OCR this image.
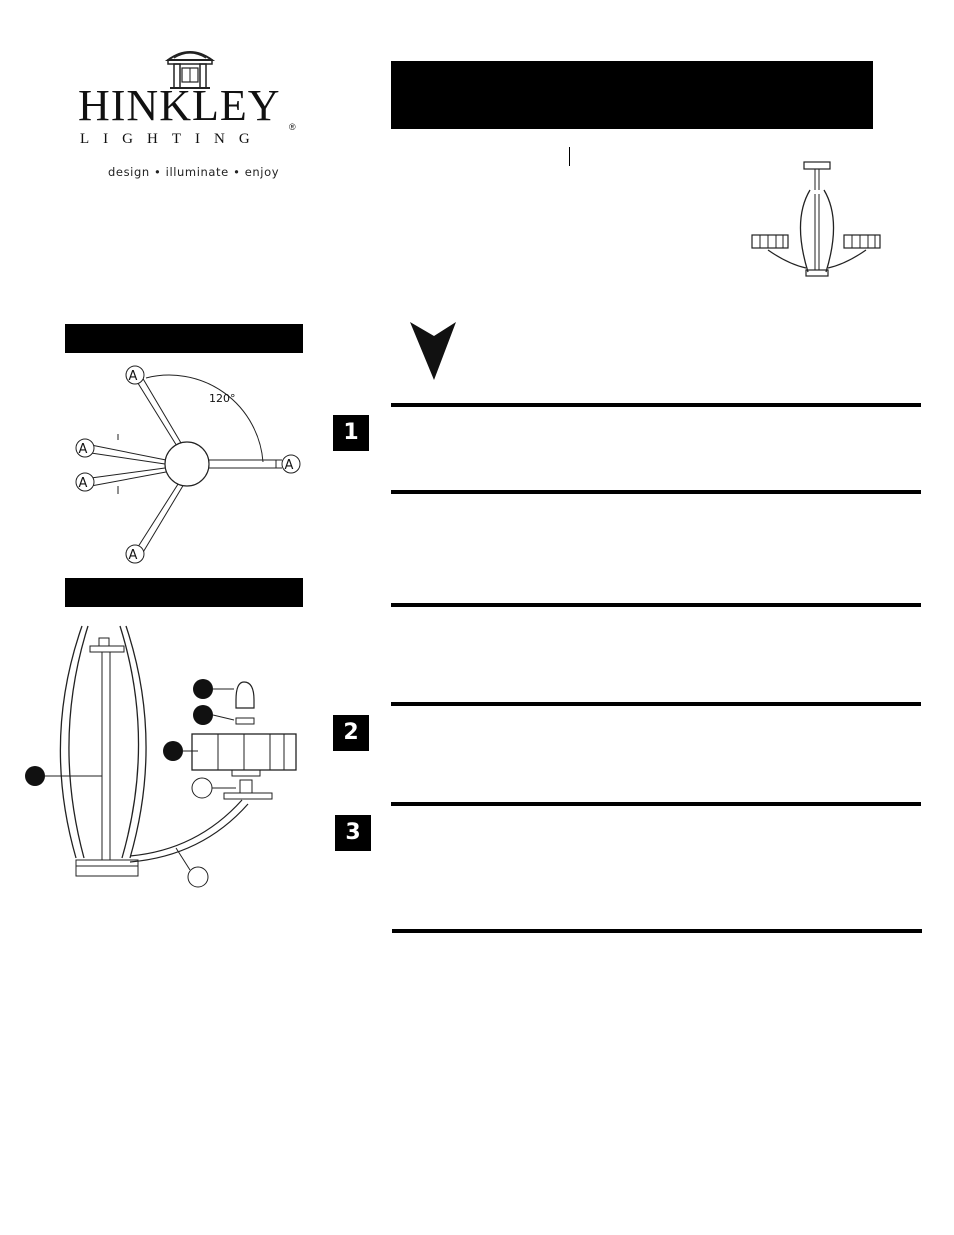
HINKLEY
LIGHTING
®
design • illuminate • enjoy
120°
A
A
A
A
A
1
2
3
